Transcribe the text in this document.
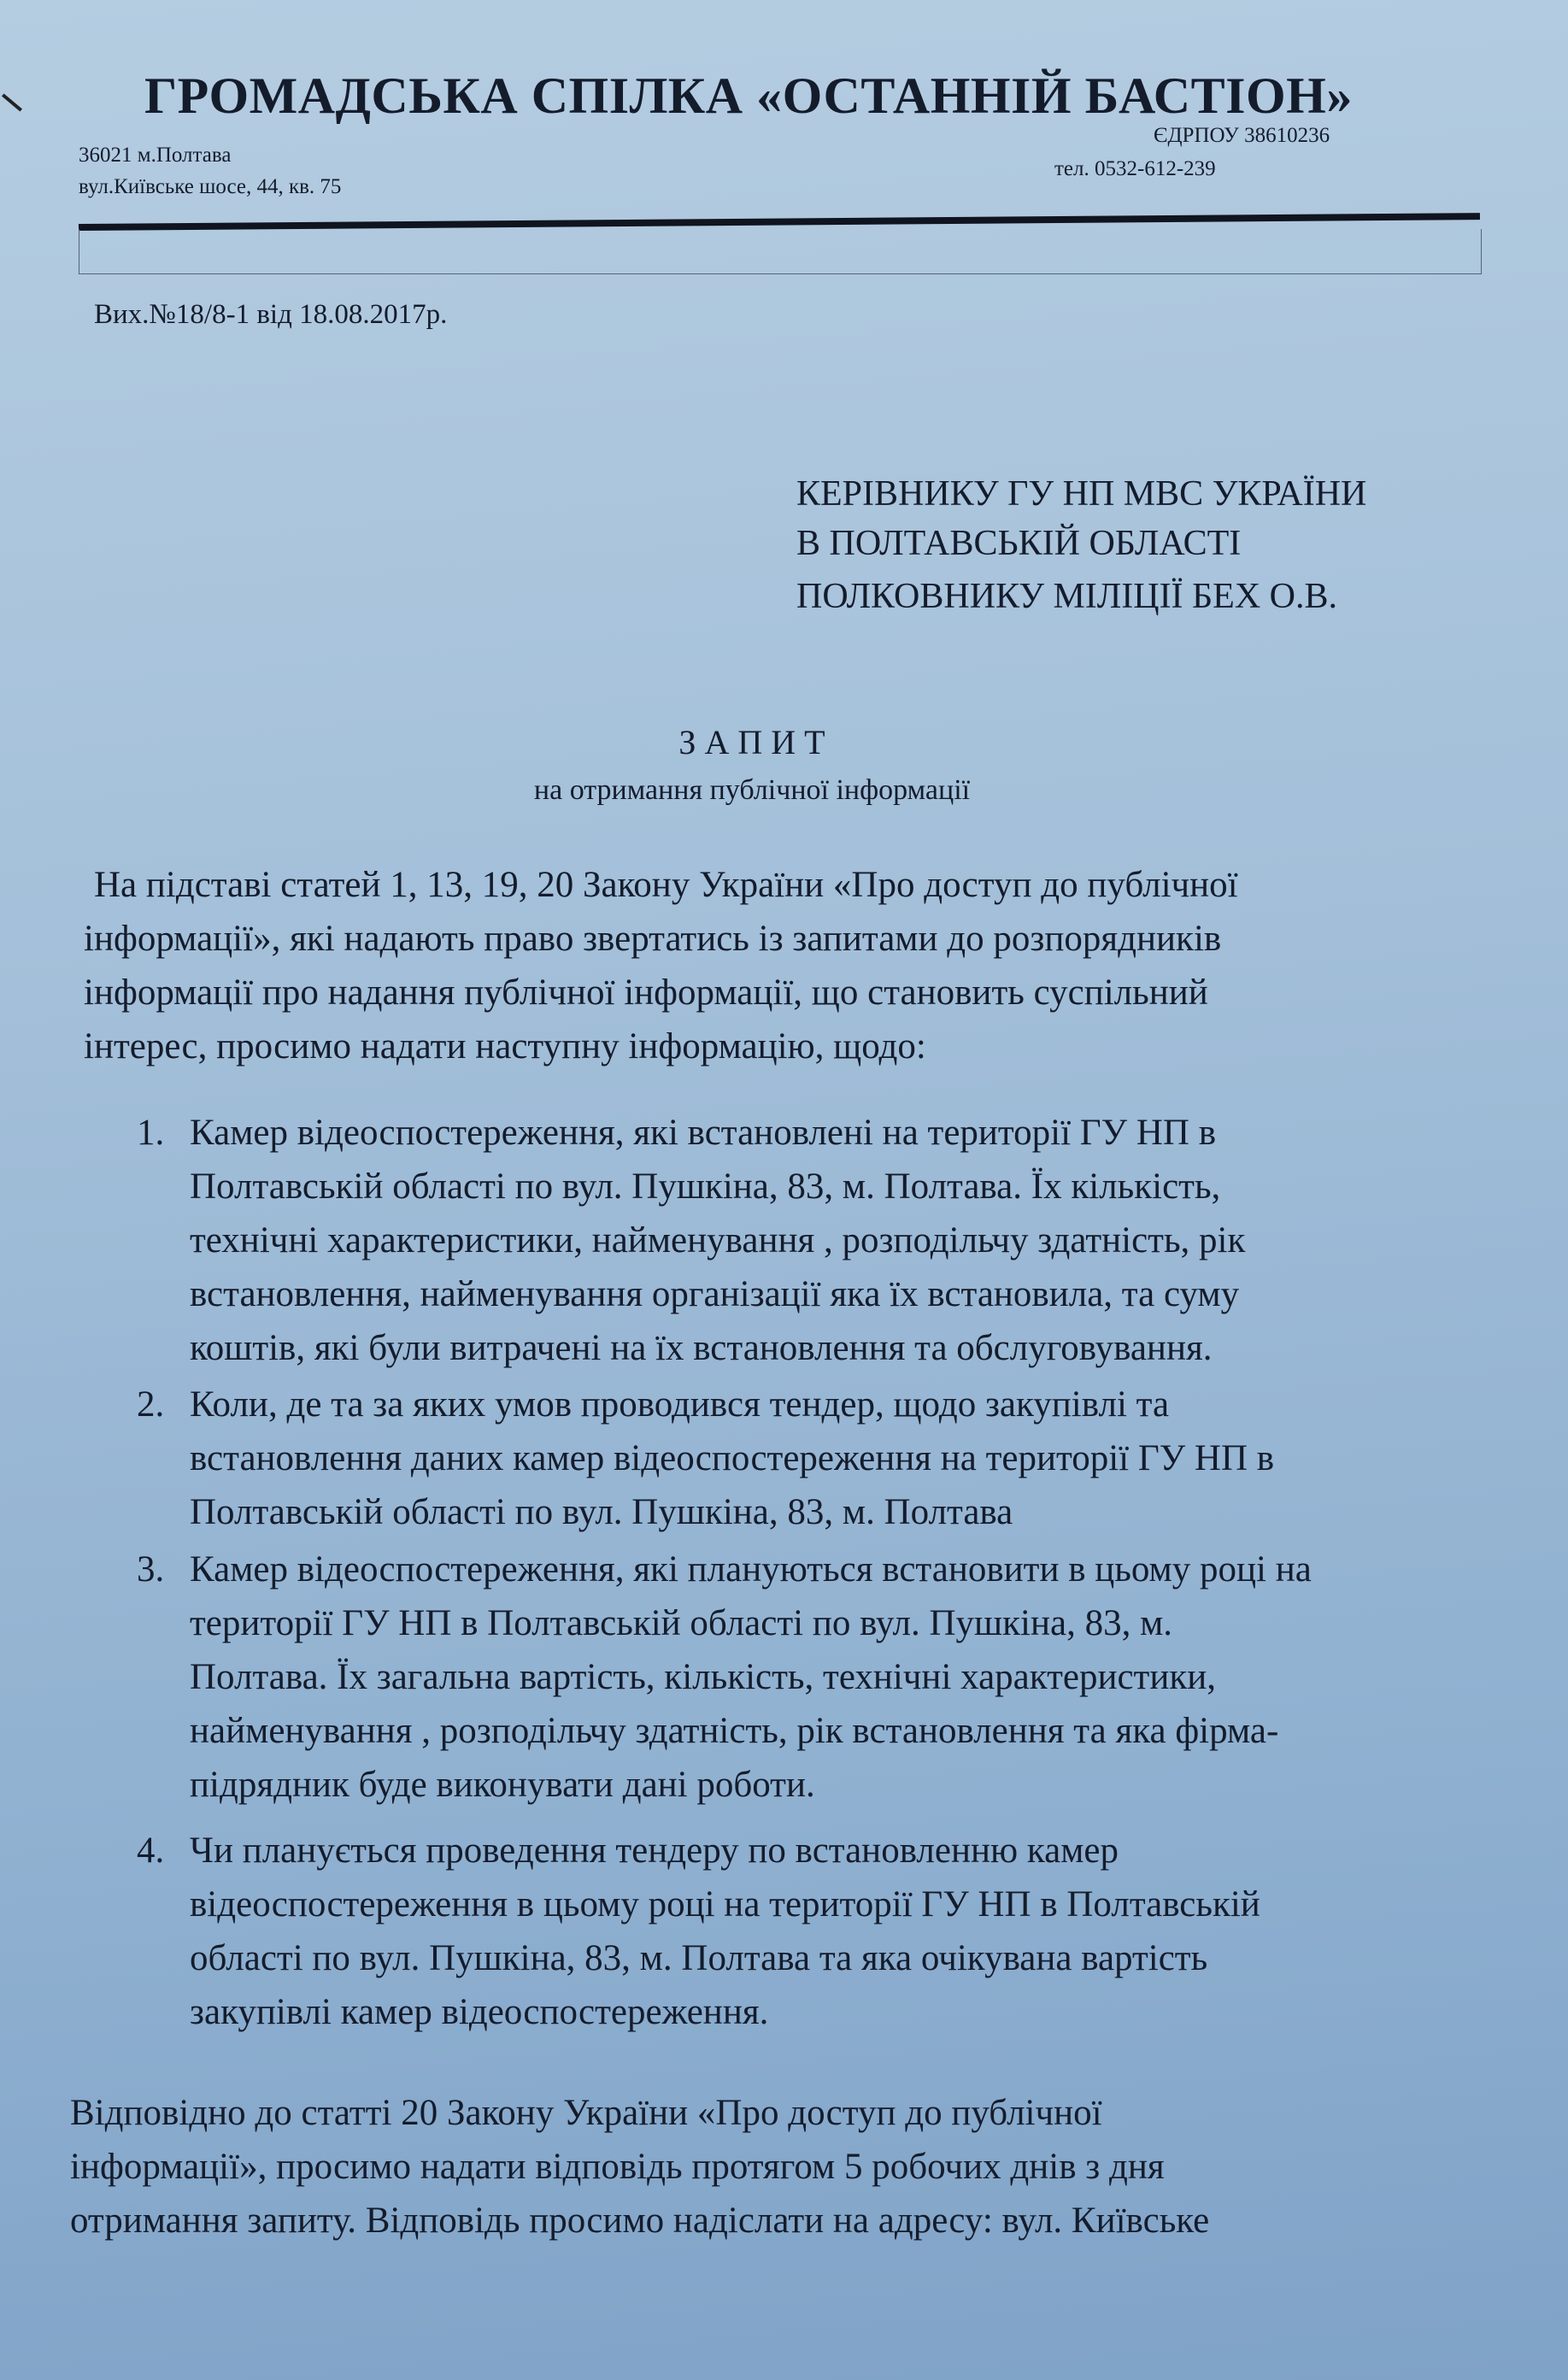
ГРОМАДСЬКА СПІЛКА «ОСТАННІЙ БАСТІОН»
36021 м.Полтава
вул.Київське шосе, 44, кв. 75
ЄДРПОУ 38610236
тел. 0532-612-239
Вих.№18/8-1 від 18.08.2017р.
КЕРІВНИКУ ГУ НП МВС УКРАЇНИ
В ПОЛТАВСЬКІЙ ОБЛАСТІ
ПОЛКОВНИКУ МІЛІЦІЇ БЕХ О.В.
З А П И Т
на отримання публічної інформації
На підставі статей 1, 13, 19, 20 Закону України «Про доступ до публічної
інформації», які надають право звертатись із запитами до розпорядників
інформації про надання публічної інформації, що становить суспільний
інтерес, просимо надати наступну інформацію, щодо:
1. Камер відеоспостереження, які встановлені на території ГУ НП в
Полтавській області по вул. Пушкіна, 83, м. Полтава. Їх кількість,
технічні характеристики, найменування , розподільчу здатність, рік
встановлення, найменування організації яка їх встановила, та суму
коштів, які були витрачені на їх встановлення та обслуговування.
2. Коли, де та за яких умов проводився тендер, щодо закупівлі та
встановлення даних камер відеоспостереження на території ГУ НП в
Полтавській області по вул. Пушкіна, 83, м. Полтава
3. Камер відеоспостереження, які плануються встановити в цьому році на
території ГУ НП в Полтавській області по вул. Пушкіна, 83, м.
Полтава. Їх загальна вартість, кількість, технічні характеристики,
найменування , розподільчу здатність, рік встановлення та яка фірма-
підрядник буде виконувати дані роботи.
4. Чи планується проведення тендеру по встановленню камер
відеоспостереження в цьому році на території ГУ НП в Полтавській
області по вул. Пушкіна, 83, м. Полтава та яка очікувана вартість
закупівлі камер відеоспостереження.
Відповідно до статті 20 Закону України «Про доступ до публічної
інформації», просимо надати відповідь протягом 5 робочих днів з дня
отримання запиту. Відповідь просимо надіслати на адресу: вул. Київське
